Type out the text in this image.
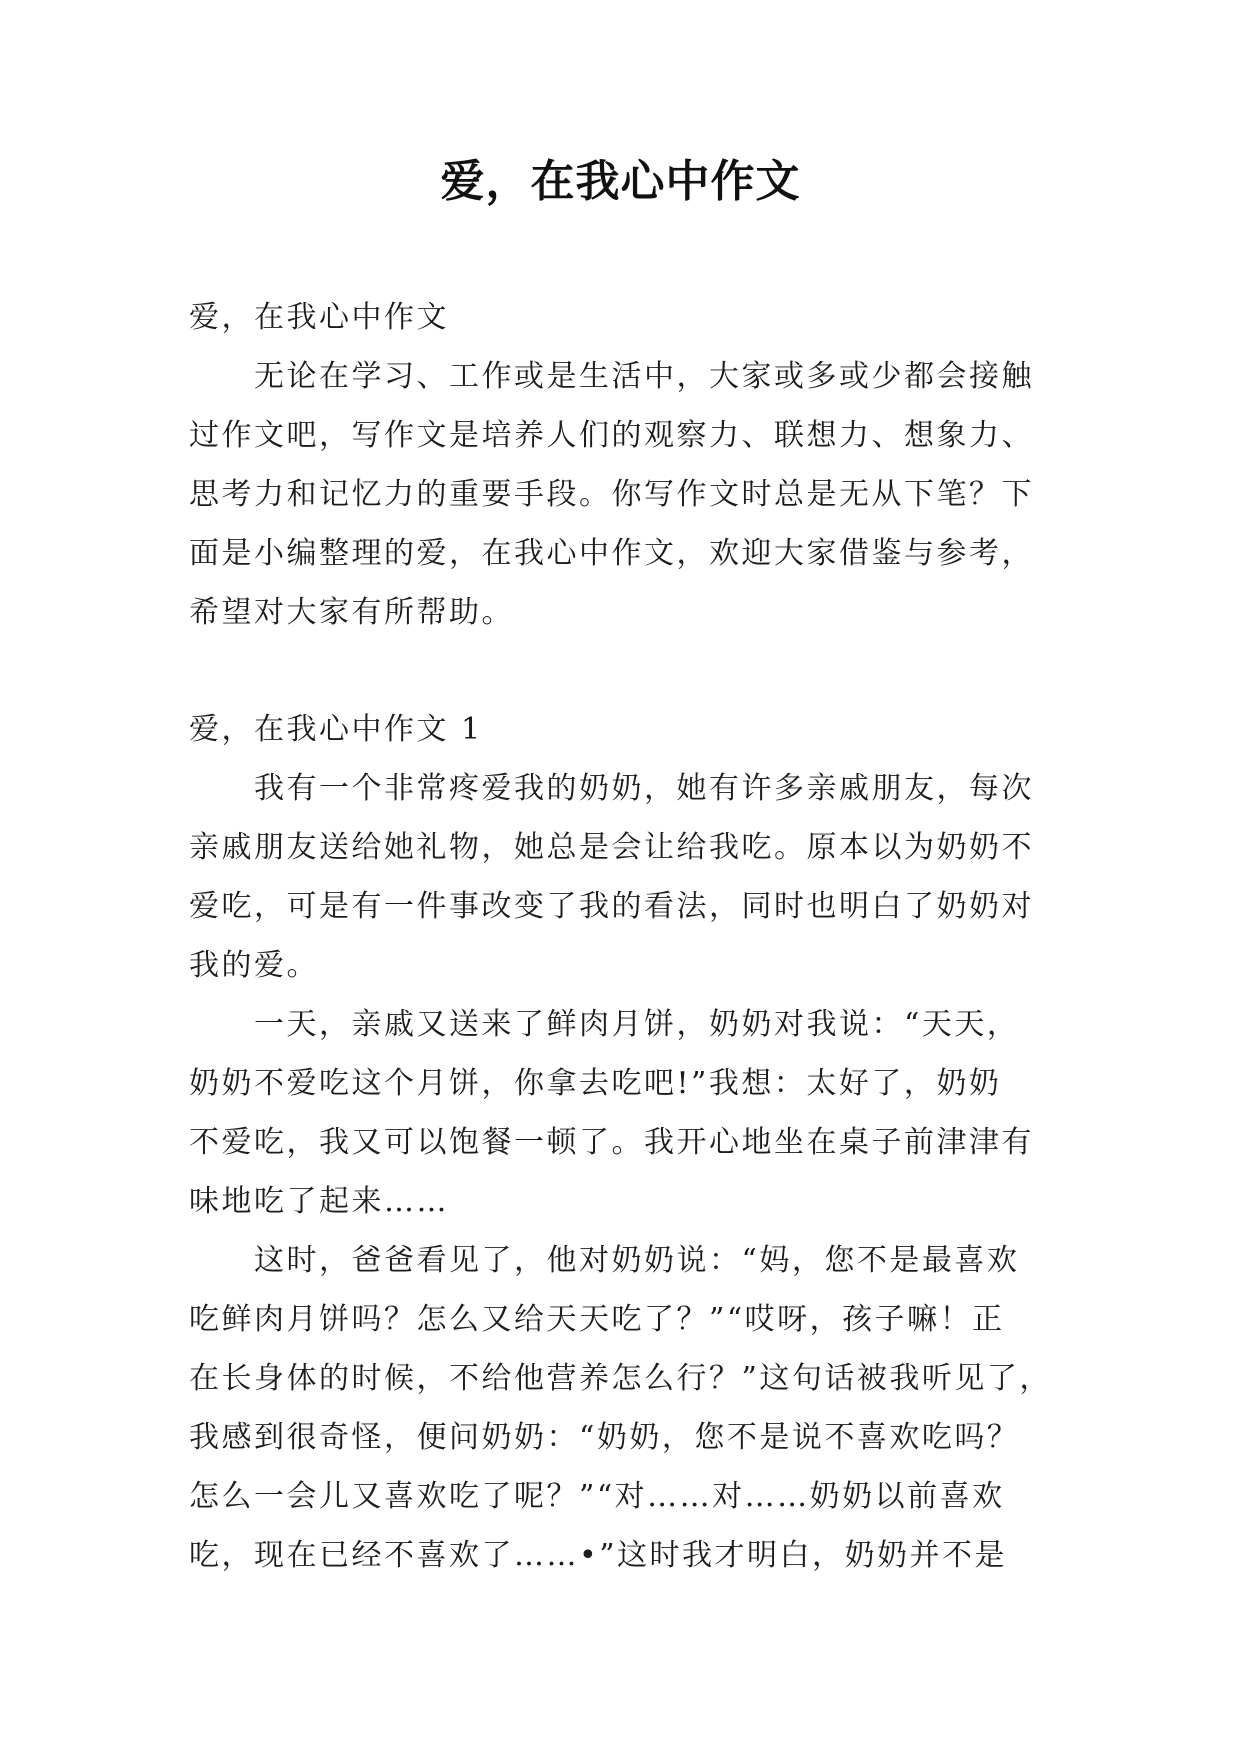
爱，在我心中作文
爱，在我心中作文
　　无论在学习、工作或是生活中，大家或多或少都会接触
过作文吧，写作文是培养人们的观察力、联想力、想象力、
思考力和记忆力的重要手段。你写作文时总是无从下笔？下
面是小编整理的爱，在我心中作文，欢迎大家借鉴与参考，
希望对大家有所帮助。
爱，在我心中作文 1
　　我有一个非常疼爱我的奶奶，她有许多亲戚朋友，每次
亲戚朋友送给她礼物，她总是会让给我吃。原本以为奶奶不
爱吃，可是有一件事改变了我的看法，同时也明白了奶奶对
我的爱。
　　一天，亲戚又送来了鲜肉月饼，奶奶对我说：“天天，
奶奶不爱吃这个月饼，你拿去吃吧!”我想：太好了，奶奶
不爱吃，我又可以饱餐一顿了。我开心地坐在桌子前津津有
味地吃了起来……
　　这时，爸爸看见了，他对奶奶说：“妈，您不是最喜欢
吃鲜肉月饼吗？怎么又给天天吃了？”“哎呀，孩子嘛！正
在长身体的时候，不给他营养怎么行？”这句话被我听见了，
我感到很奇怪，便问奶奶：“奶奶，您不是说不喜欢吃吗？
怎么一会儿又喜欢吃了呢？”“对……对……奶奶以前喜欢
吃，现在已经不喜欢了……•”这时我才明白，奶奶并不是
